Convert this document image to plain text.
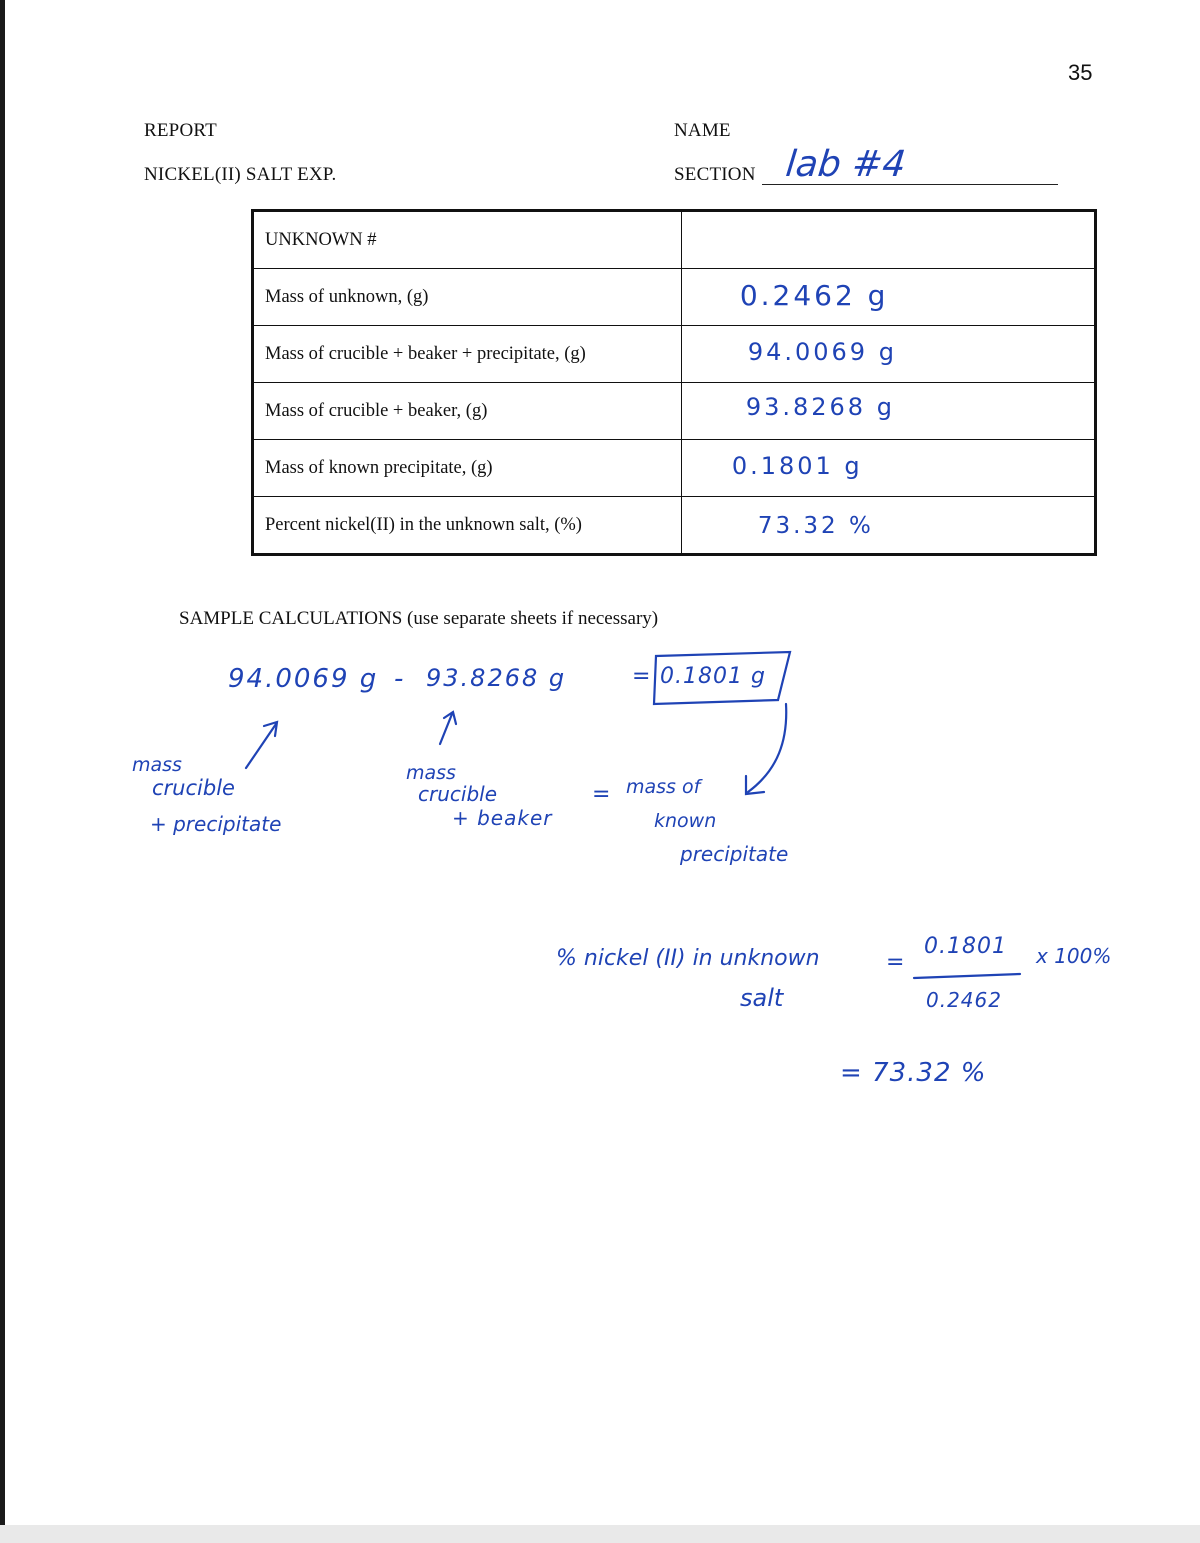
35
REPORT
NICKEL(II) SALT EXP.
NAME
SECTION lab #4
UNKNOWN #	

Mass of unknown, (g)	0.2462 g

Mass of crucible + beaker + precipitate, (g)	94.0069 g

Mass of crucible + beaker, (g)	93.8268 g

Mass of known precipitate, (g)	0.1801 g

Percent nickel(II) in the unknown salt, (%)	73.32 %
SAMPLE CALCULATIONS (use separate sheets if necessary)
94.0069 g - 93.8268 g	= 0.1801 g
mass
crucible
+ precipitate
mass
crucible
+ beaker
= mass of
known
precipitate
% nickel (II) in unknown
salt
=
0.1801
0.2462
x 100%
= 73.32 %
